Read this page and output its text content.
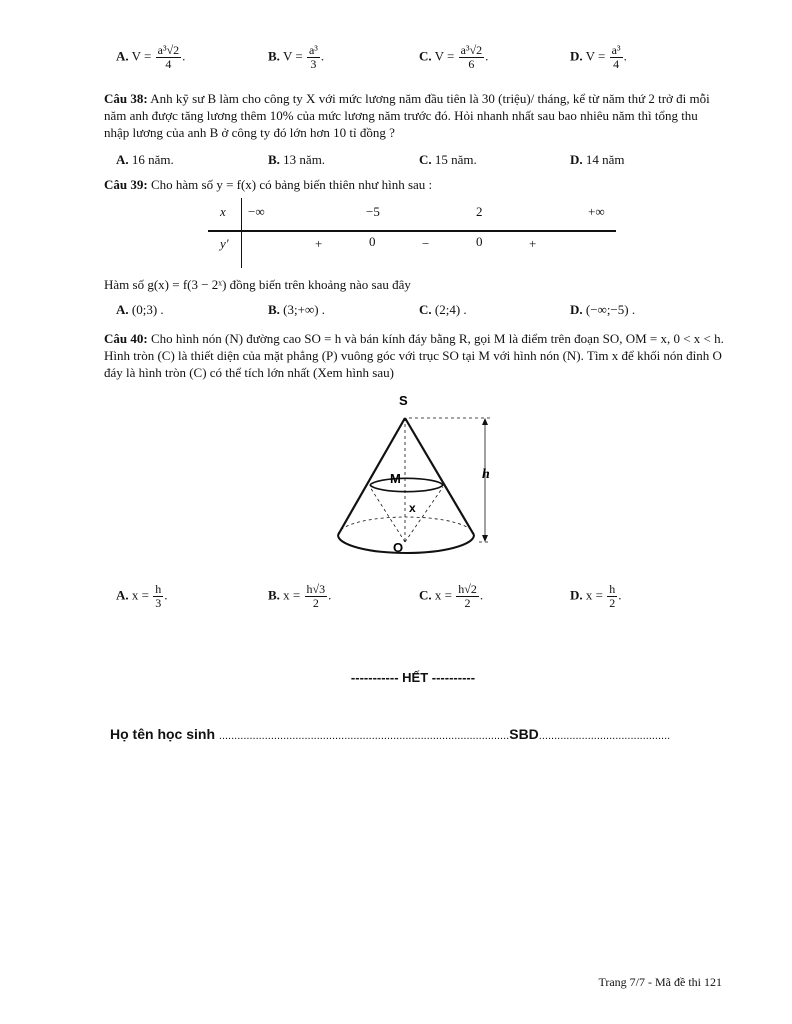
A. $V = \frac{\text{a³√2}}{4}$ .	B. $V = \frac{\text{a³}}{3}$ .	C. $V = \frac{\text{a³√2}}{6}$ .	D. $V = \frac{\text{a³}}{4}$ .
Câu 38: Anh kỹ sư B làm cho công ty X với mức lương năm đầu tiên là 30 (triệu)/ tháng, kể từ năm thứ 2 trở đi mỗi năm anh được tăng lương thêm 10% của mức lương năm trước đó. Hỏi nhanh nhất sau bao nhiêu năm thì tổng thu nhập lương của anh B ở công ty đó lớn hơn 10 tỉ đồng ?
A. 16 năm.	B. 13 năm.	C. 15 năm.	D. 14 năm
Câu 39: Cho hàm số y = f(x) có bảng biến thiên như hình sau :
x −∞	−5	2	+∞
y′	+	0	−	0	+
Hàm số g(x) = f(3 − 2ˣ) đồng biến trên khoảng nào sau đây
A. (0;3) .	B. (3;+∞) .	C. (2;4) .	D. (−∞;−5) .
Câu 40: Cho hình nón (N) đường cao SO = h và bán kính đáy bằng R, gọi M là điểm trên đoạn SO, OM = x, 0 < x < h. Hình tròn (C) là thiết diện của mặt phẳng (P) vuông góc với trục SO tại M với hình nón (N). Tìm x để khối nón đỉnh O đáy là hình tròn (C) có thể tích lớn nhất (Xem hình sau)
S
M
O
x
h
A. $x = \frac{h}{3}$ .	B. $x = \frac{h√3}{2}$ .	C. $x = \frac{h√2}{2}$ .	D. $x = \frac{h}{2}$ .
----------- HẾT ----------
Họ tên học sinh ...............................................................................................SBD...........................................
Trang 7/7 - Mã đề thi 121
